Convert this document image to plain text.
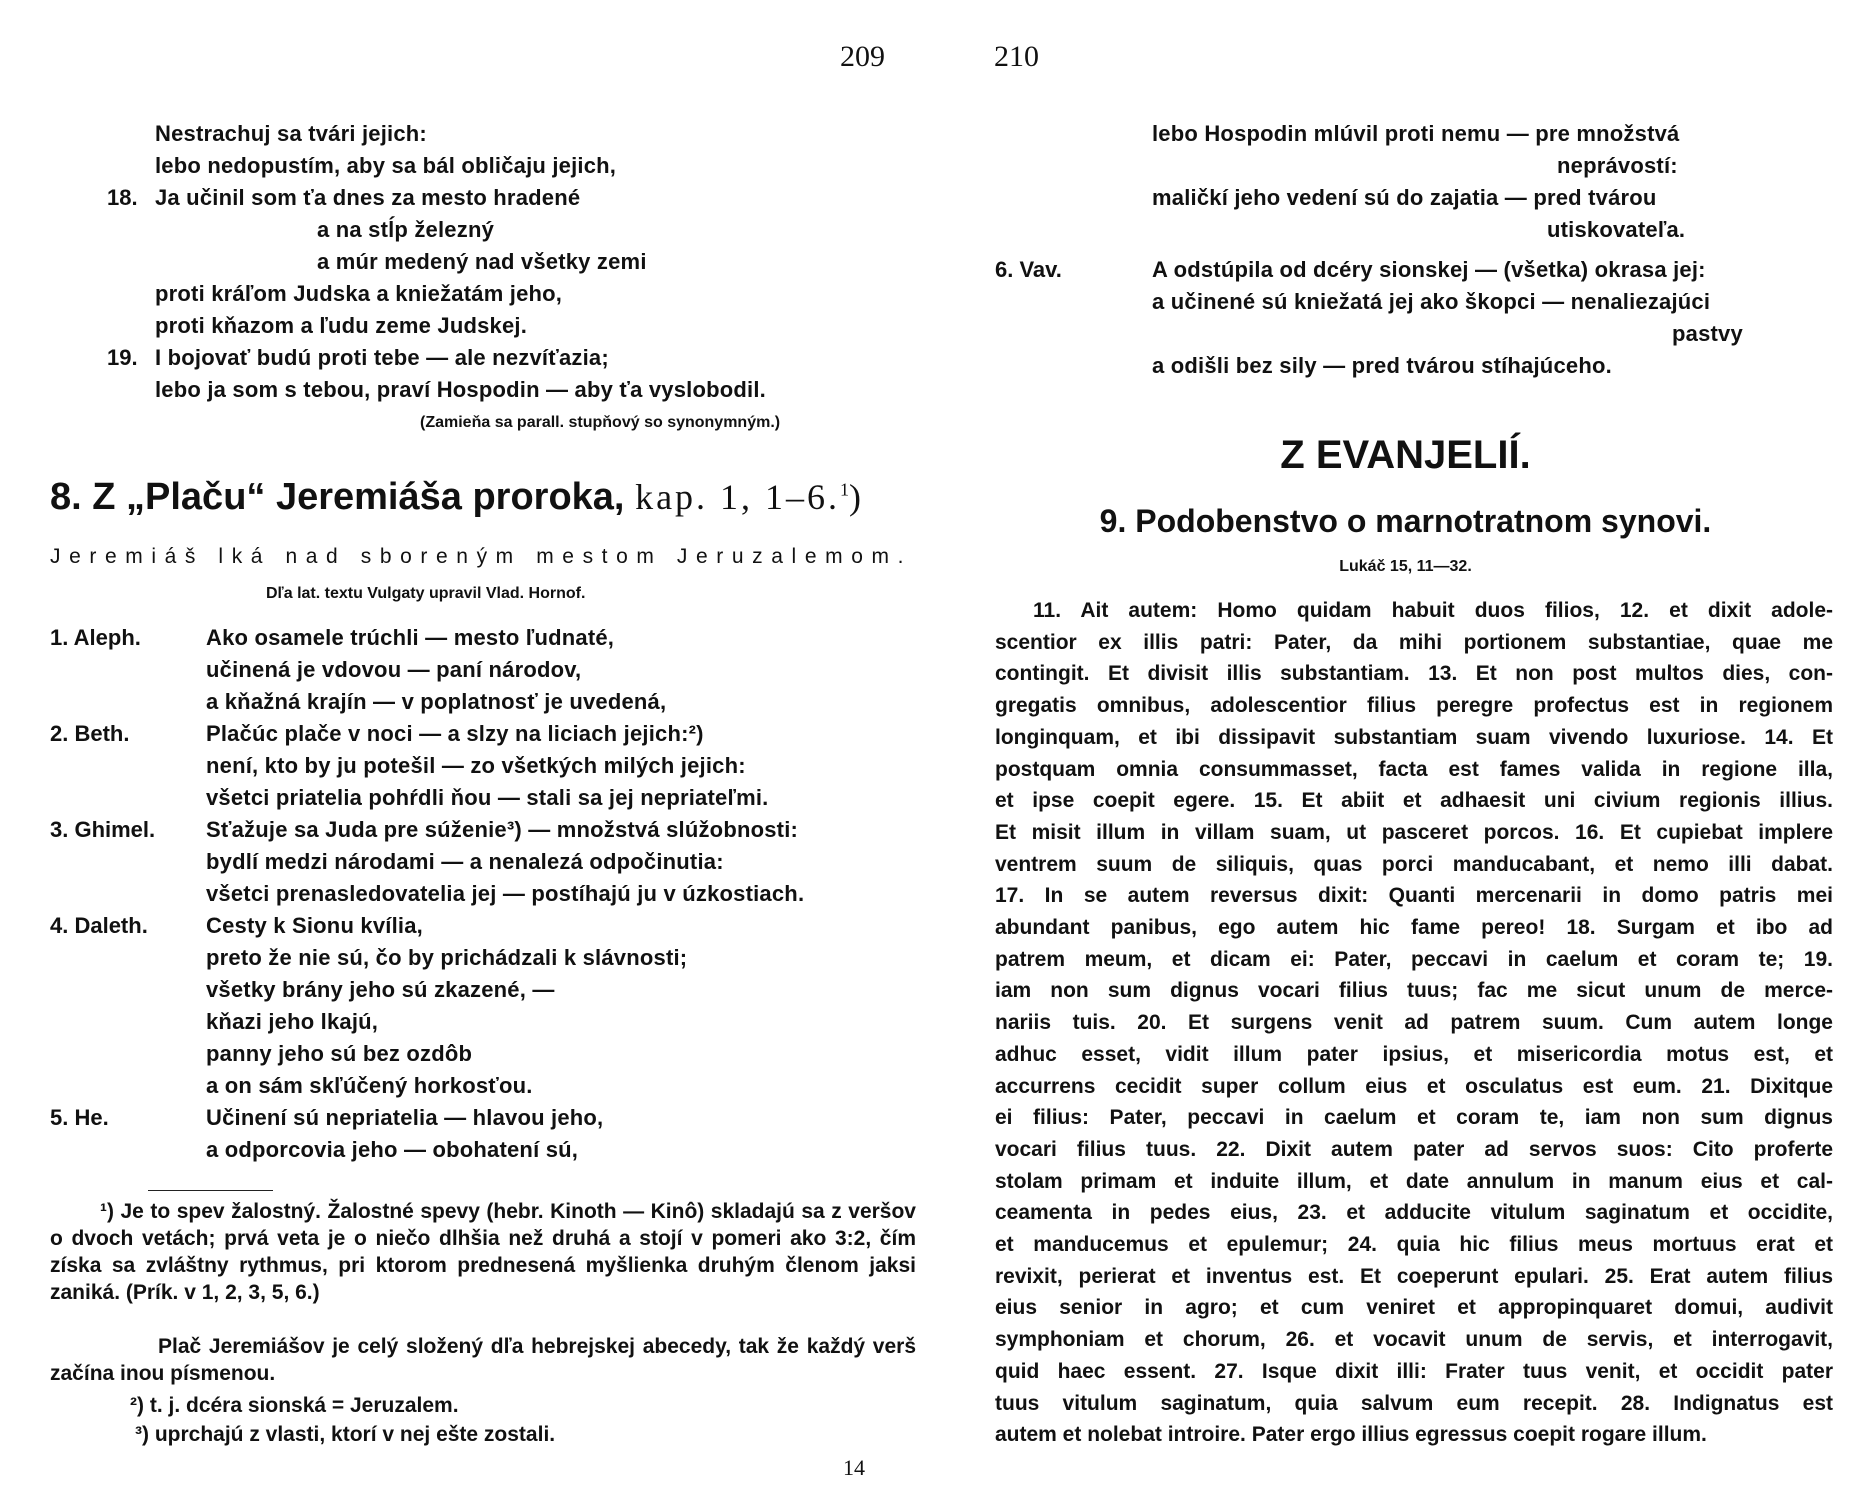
209
Nestrachuj sa tvári jejich:
lebo nedopustím, aby sa bál obličaju jejich,
18. Ja učinil som ťa dnes za mesto hradené
a na stĺp železný
a múr medený nad všetky zemi
proti kráľom Judska a kniežatám jeho,
proti kňazom a ľudu zeme Judskej.
19. I bojovať budú proti tebe — ale nezvíťazia;
lebo ja som s tebou, praví Hospodin — aby ťa vyslobodil.
(Zamieňa sa parall. stupňový so synonymným.)
8. Z „Plaču“ Jeremiáša proroka, kap. 1, 1–6.$^1$)
Jeremiáš lká nad sboreným mestom Jeruzalemom.
Dľa lat. textu Vulgaty upravil Vlad. Hornof.
1. Aleph.	Ako osamele trúchli — mesto ľudnaté,
učinená je vdovou — paní národov,
a kňažná krajín — v poplatnosť je uvedená,
2. Beth.	Plačúc plače v noci — a slzy na liciach jejich:²)
není, kto by ju potešil — zo všetkých milých jejich:
všetci priatelia pohŕdli ňou — stali sa jej nepriateľmi.
3. Ghimel. Sťažuje sa Juda pre súženie³) — množstvá slúžobnosti:
bydlí medzi národami — a nenalezá odpočinutia:
všetci prenasledovatelia jej — postíhajú ju v úzkostiach.
4. Daleth.	Cesty k Sionu kvília,
preto že nie sú, čo by prichádzali k slávnosti;
všetky brány jeho sú zkazené, —
kňazi jeho lkajú,
panny jeho sú bez ozdôb
a on sám skľúčený horkosťou.
5. He.	Učinení sú nepriatelia — hlavou jeho,
a odporcovia jeho — obohatení sú,
¹) Je to spev žalostný. Žalostné spevy (hebr. Kinoth — Kinô) skladajú sa z veršov o dvoch vetách; prvá veta je o niečo dlhšia než druhá a stojí v pomeri ako 3:2, čím získa sa zvláštny rythmus, pri ktorom prednesená myšlienka druhým členom jaksi zaniká. (Prík. v 1, 2, 3, 5, 6.)
Plač Jeremiášov je celý složený dľa hebrejskej abecedy, tak že každý verš začína inou písmenou.
²) t. j. dcéra sionská = Jeruzalem.
³) uprchajú z vlasti, ktorí v nej ešte zostali.
14
210
lebo Hospodin mlúvil proti nemu — pre množstvá
neprávostí:
maličkí jeho vedení sú do zajatia — pred tvárou
utiskovateľa.
6. Vav.	A odstúpila od dcéry sionskej — (všetka) okrasa jej:
a učinené sú kniežatá jej ako škopci — nenaliezajúci
pastvy
a odišli bez sily — pred tvárou stíhajúceho.
Z EVANJELIÍ.
9. Podobenstvo o marnotratnom synovi.
Lukáč 15, 11—32.
11. Ait autem: Homo quidam habuit duos filios, 12. et dixit adole-
scentior ex illis patri: Pater, da mihi portionem substantiae, quae me
contingit. Et divisit illis substantiam. 13. Et non post multos dies, con-
gregatis omnibus, adolescentior filius peregre profectus est in regionem
longinquam, et ibi dissipavit substantiam suam vivendo luxuriose. 14. Et
postquam omnia consummasset, facta est fames valida in regione illa,
et ipse coepit egere. 15. Et abiit et adhaesit uni civium regionis illius.
Et misit illum in villam suam, ut pasceret porcos. 16. Et cupiebat implere
ventrem suum de siliquis, quas porci manducabant, et nemo illi dabat.
17. In se autem reversus dixit: Quanti mercenarii in domo patris mei
abundant panibus, ego autem hic fame pereo! 18. Surgam et ibo ad
patrem meum, et dicam ei: Pater, peccavi in caelum et coram te; 19.
iam non sum dignus vocari filius tuus; fac me sicut unum de merce-
nariis tuis. 20. Et surgens venit ad patrem suum. Cum autem longe
adhuc esset, vidit illum pater ipsius, et misericordia motus est, et
accurrens cecidit super collum eius et osculatus est eum. 21. Dixitque
ei filius: Pater, peccavi in caelum et coram te, iam non sum dignus
vocari filius tuus. 22. Dixit autem pater ad servos suos: Cito proferte
stolam primam et induite illum, et date annulum in manum eius et cal-
ceamenta in pedes eius, 23. et adducite vitulum saginatum et occidite,
et manducemus et epulemur; 24. quia hic filius meus mortuus erat et
revixit, perierat et inventus est. Et coeperunt epulari. 25. Erat autem filius
eius senior in agro; et cum veniret et appropinquaret domui, audivit
symphoniam et chorum, 26. et vocavit unum de servis, et interrogavit,
quid haec essent. 27. Isque dixit illi: Frater tuus venit, et occidit pater
tuus vitulum saginatum, quia salvum eum recepit. 28. Indignatus est
autem et nolebat introire. Pater ergo illius egressus coepit rogare illum.
